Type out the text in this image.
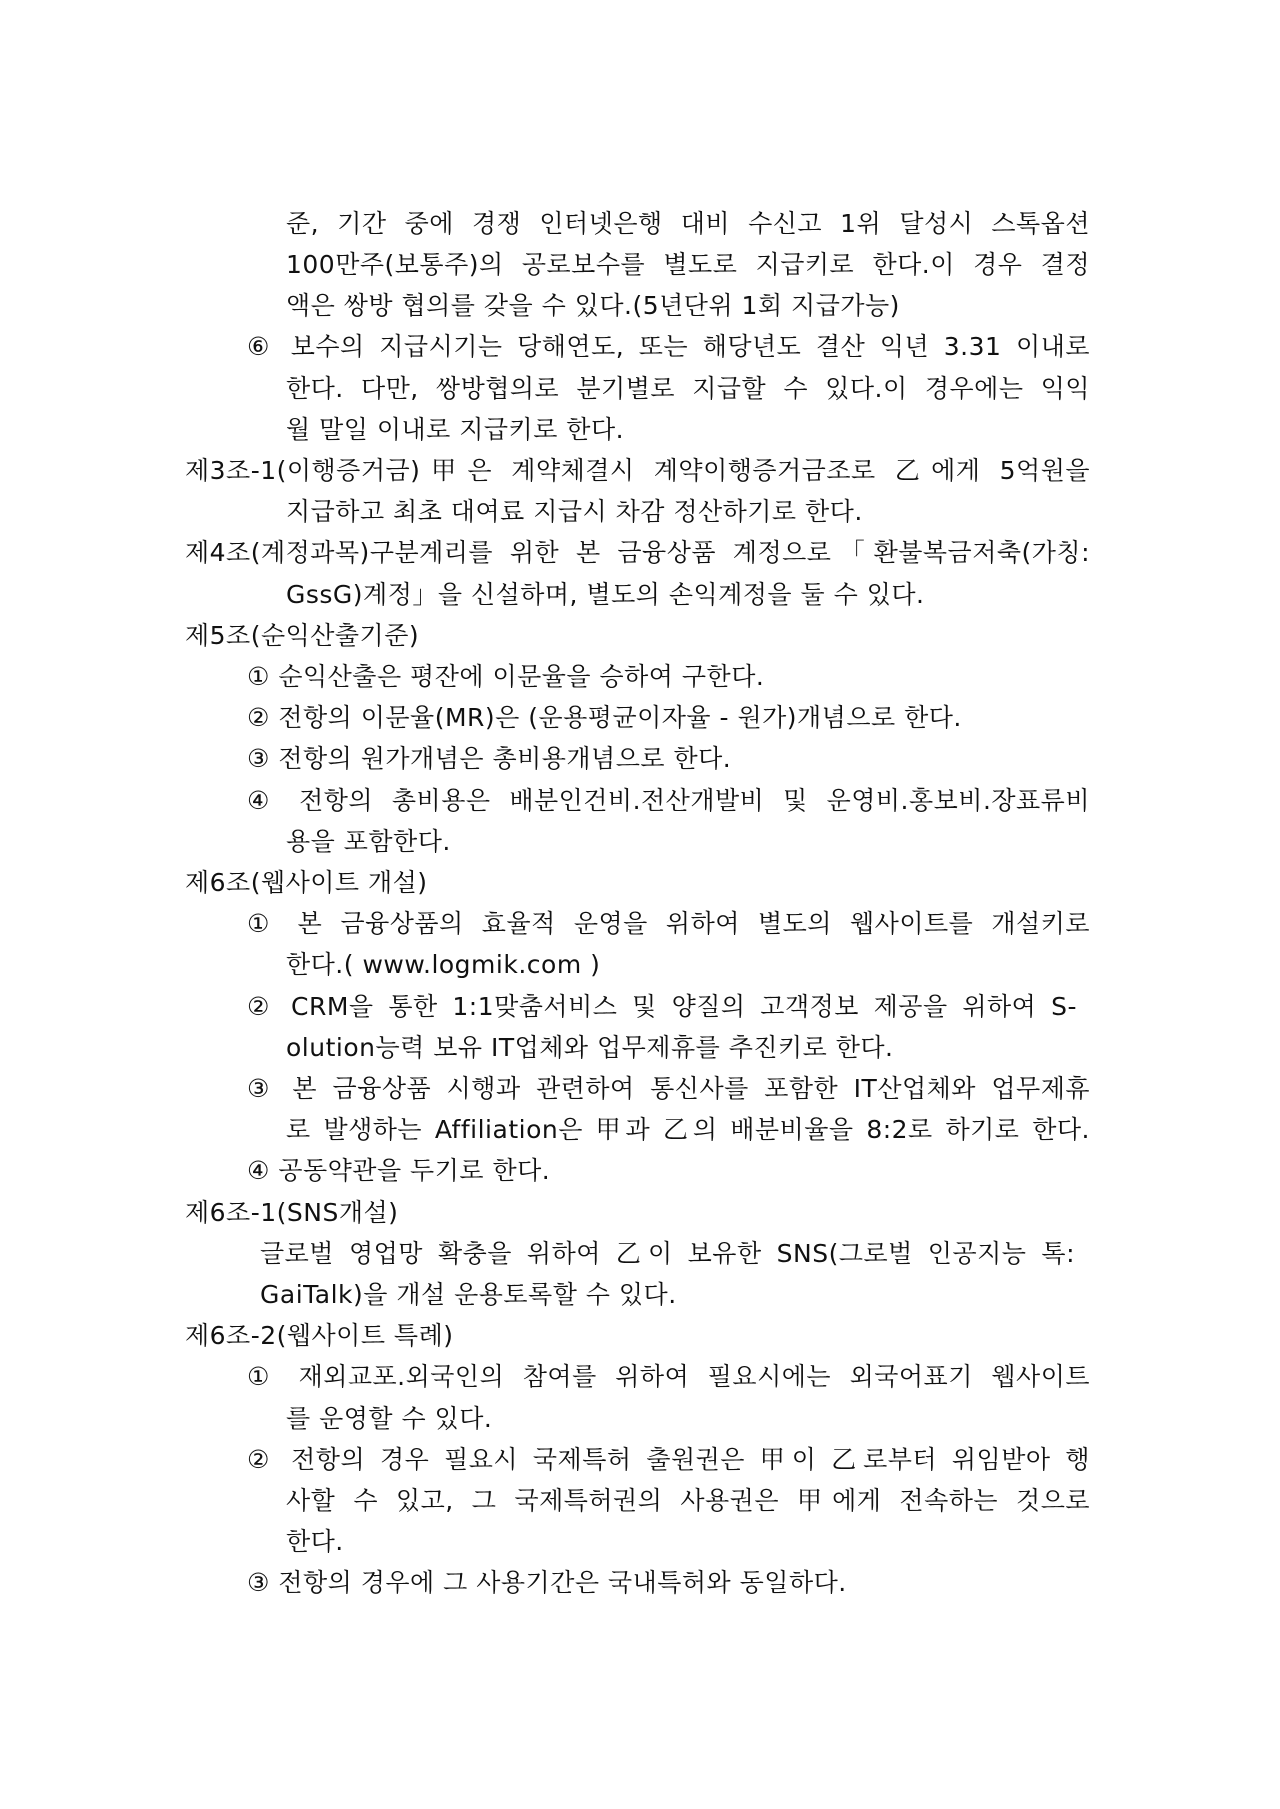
준, 기간 중에 경쟁 인터넷은행 대비 수신고 1위 달성시 스톡옵션
100만주(보통주)의 공로보수를 별도로 지급키로 한다.이 경우 결정
액은 쌍방 협의를 갖을 수 있다.(5년단위 1회 지급가능)
⑥ 보수의 지급시기는 당해연도, 또는 해당년도 결산 익년 3.31 이내로
한다. 다만, 쌍방협의로 분기별로 지급할 수 있다.이 경우에는 익익
월 말일 이내로 지급키로 한다.
제3조-1(이행증거금)甲은 계약체결시 계약이행증거금조로 乙에게 5억원을
지급하고 최초 대여료 지급시 차감 정산하기로 한다.
제4조(계정과목)구분계리를 위한 본 금융상품 계정으로「환불복금저축(가칭:
GssG)계정」을 신설하며, 별도의 손익계정을 둘 수 있다.
제5조(순익산출기준)
① 순익산출은 평잔에 이문율을 승하여 구한다.
② 전항의 이문율(MR)은 (운용평균이자율 - 원가)개념으로 한다.
③ 전항의 원가개념은 총비용개념으로 한다.
④ 전항의 총비용은 배분인건비.전산개발비 및 운영비.홍보비.장표류비
용을 포함한다.
제6조(웹사이트 개설)
① 본 금융상품의 효율적 운영을 위하여 별도의 웹사이트를 개설키로
한다.( www.logmik.com )
② CRM을 통한 1:1맞춤서비스 및 양질의 고객정보 제공을 위하여 S-
olution능력 보유 IT업체와 업무제휴를 추진키로 한다.
③ 본 금융상품 시행과 관련하여 통신사를 포함한 IT산업체와 업무제휴
로 발생하는 Affiliation은 甲과 乙의 배분비율을 8:2로 하기로 한다.
④ 공동약관을 두기로 한다.
제6조-1(SNS개설)
글로벌 영업망 확충을 위하여 乙이 보유한 SNS(그로벌 인공지능 톡:
GaiTalk)을 개설 운용토록할 수 있다.
제6조-2(웹사이트 특례)
① 재외교포.외국인의 참여를 위하여 필요시에는 외국어표기 웹사이트
를 운영할 수 있다.
② 전항의 경우 필요시 국제특허 출원권은 甲이 乙로부터 위임받아 행
사할 수 있고, 그 국제특허권의 사용권은 甲에게 전속하는 것으로
한다.
③ 전항의 경우에 그 사용기간은 국내특허와 동일하다.
